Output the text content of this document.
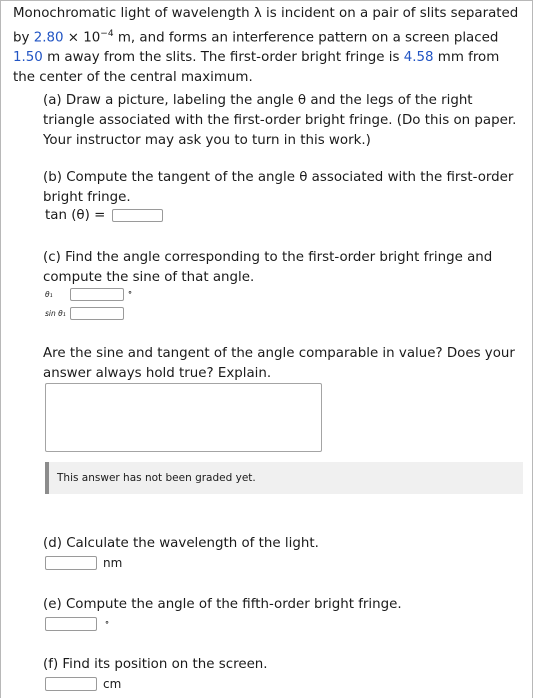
Monochromatic light of wavelength λ is incident on a pair of slits separated by $2.80 \times 10^{-4}$ m, and forms an interference pattern on a screen placed 1.50 m away from the slits. The first-order bright fringe is 4.58 mm from the center of the central maximum.
(a) Draw a picture, labeling the angle θ and the legs of the right triangle associated with the first-order bright fringe. (Do this on paper. Your instructor may ask you to turn in this work.)
(b) Compute the tangent of the angle θ associated with the first-order bright fringe.
tan (θ) =
(c) Find the angle corresponding to the first-order bright fringe and compute the sine of that angle.
θ₁	°
sin θ₁
Are the sine and tangent of the angle comparable in value? Does your answer always hold true? Explain.
This answer has not been graded yet.
(d) Calculate the wavelength of the light.
nm
(e) Compute the angle of the fifth-order bright fringe.
°
(f) Find its position on the screen.
cm
